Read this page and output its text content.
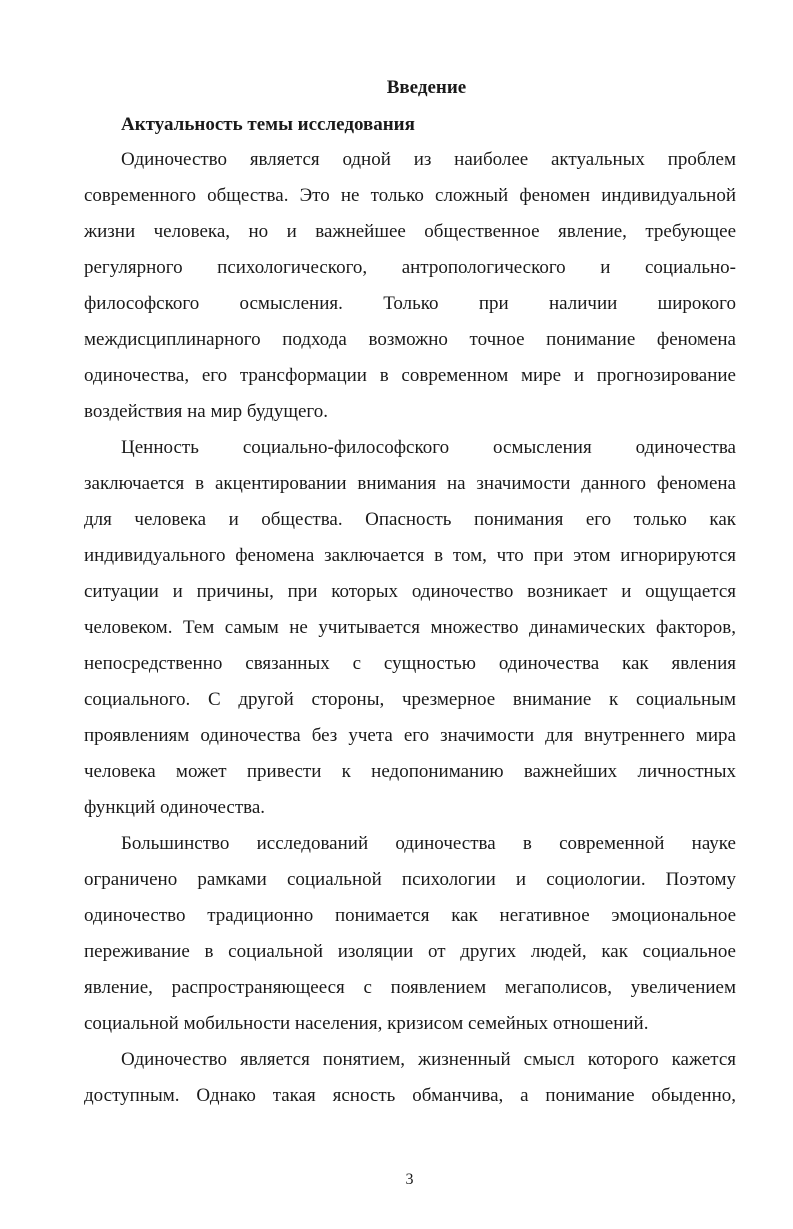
Введение
Актуальность темы исследования
Одиночество является одной из наиболее актуальных проблем
современного общества. Это не только сложный феномен индивидуальной
жизни человека, но и важнейшее общественное явление, требующее
регулярного психологического, антропологического и социально-
философского осмысления. Только при наличии широкого
междисциплинарного подхода возможно точное понимание феномена
одиночества, его трансформации в современном мире и прогнозирование
воздействия на мир будущего.
Ценность социально-философского осмысления одиночества
заключается в акцентировании внимания на значимости данного феномена
для человека и общества. Опасность понимания его только как
индивидуального феномена заключается в том, что при этом игнорируются
ситуации и причины, при которых одиночество возникает и ощущается
человеком. Тем самым не учитывается множество динамических факторов,
непосредственно связанных с сущностью одиночества как явления
социального. С другой стороны, чрезмерное внимание к социальным
проявлениям одиночества без учета его значимости для внутреннего мира
человека может привести к недопониманию важнейших личностных
функций одиночества.
Большинство исследований одиночества в современной науке
ограничено рамками социальной психологии и социологии. Поэтому
одиночество традиционно понимается как негативное эмоциональное
переживание в социальной изоляции от других людей, как социальное
явление, распространяющееся с появлением мегаполисов, увеличением
социальной мобильности населения, кризисом семейных отношений.
Одиночество является понятием, жизненный смысл которого кажется
доступным. Однако такая ясность обманчива, а понимание обыденно,
3
